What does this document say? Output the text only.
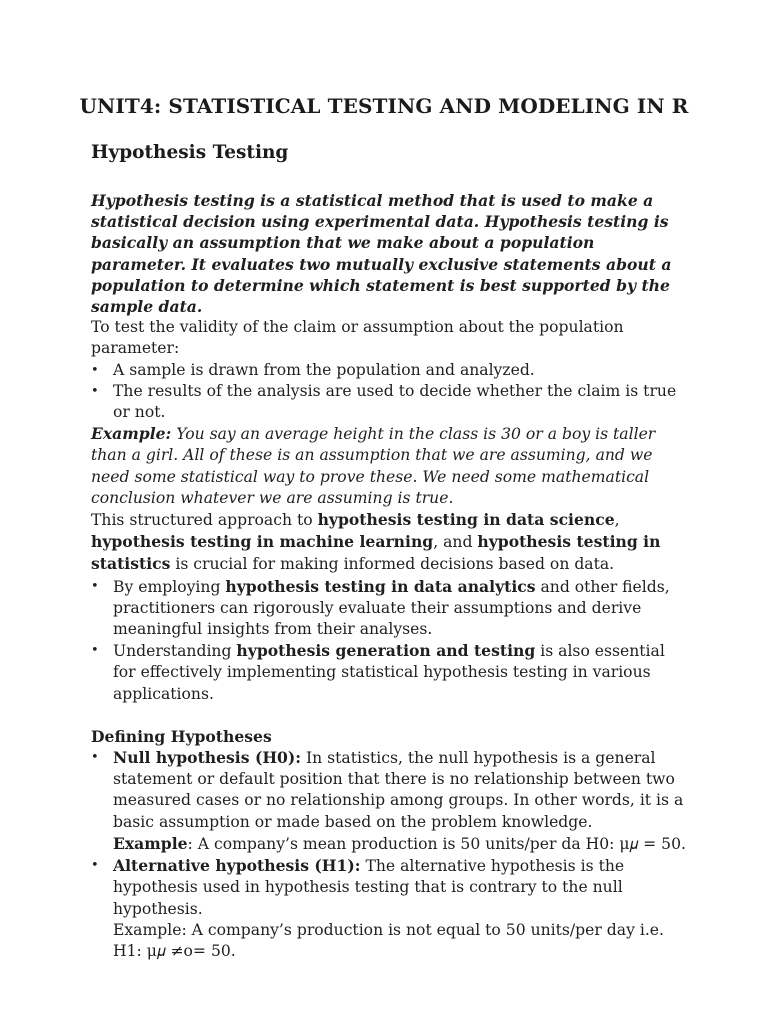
UNIT4: STATISTICAL TESTING AND MODELING IN R
Hypothesis Testing

Hypothesis testing is a statistical method that is used to make a statistical decision using experimental data. Hypothesis testing is basically an assumption that we make about a population parameter. It evaluates two mutually exclusive statements about a population to determine which statement is best supported by the sample data.

To test the validity of the claim or assumption about the population parameter:

• A sample is drawn from the population and analyzed.
• The results of the analysis are used to decide whether the claim is true or not.

Example: You say an average height in the class is 30 or a boy is taller than a girl. All of these is an assumption that we are assuming, and we need some statistical way to prove these. We need some mathematical conclusion whatever we are assuming is true.

This structured approach to hypothesis testing in data science, hypothesis testing in machine learning, and hypothesis testing in statistics is crucial for making informed decisions based on data.

• By employing hypothesis testing in data analytics and other fields, practitioners can rigorously evaluate their assumptions and derive meaningful insights from their analyses.
• Understanding hypothesis generation and testing is also essential for effectively implementing statistical hypothesis testing in various applications.

Defining Hypotheses

• Null hypothesis (H0): In statistics, the null hypothesis is a general statement or default position that there is no relationship between two measured cases or no relationship among groups. In other words, it is a basic assumption or made based on the problem knowledge.
Example: A company’s mean production is 50 units/per da H0: μ𝜇 = 50.
• Alternative hypothesis (H1): The alternative hypothesis is the hypothesis used in hypothesis testing that is contrary to the null hypothesis.
Example: A company’s production is not equal to 50 units/per day i.e.
H1: μ𝜇 ≠o= 50.
